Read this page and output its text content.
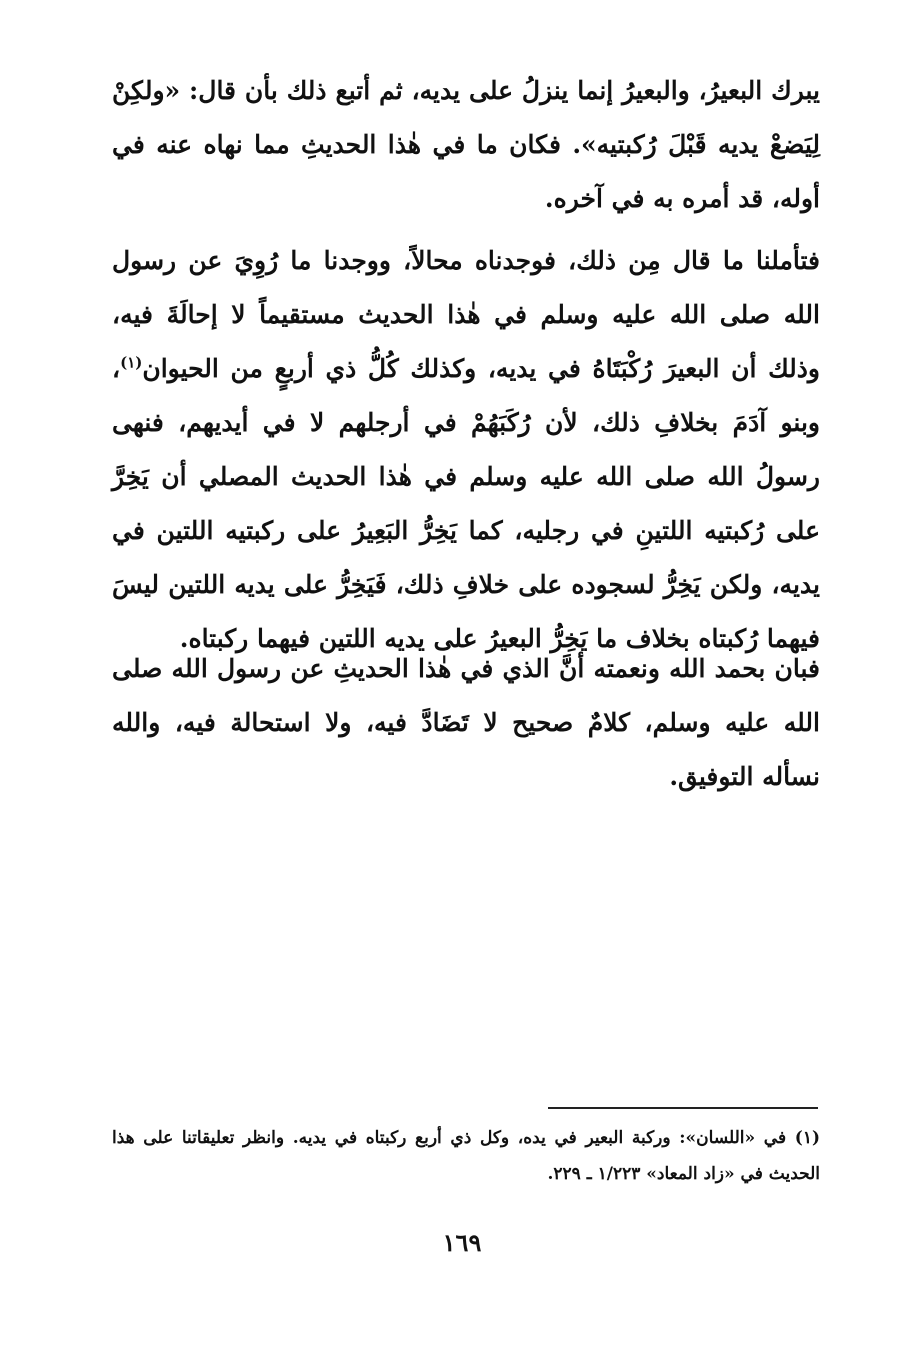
يبرك البعيرُ، والبعيرُ إنما ينزلُ على يديه، ثم أتبع ذلك بأن قال: «ولكِنْ لِيَضعْ يديه قَبْلَ رُكبتيه». فكان ما في هٰذا الحديثِ مما نهاه عنه في أوله، قد أمره به في آخره.

فتأملنا ما قال مِن ذلك، فوجدناه محالاً، ووجدنا ما رُوِيَ عن رسول الله صلى الله عليه وسلم في هٰذا الحديث مستقيماً لا إحالَةَ فيه، وذلك أن البعيرَ رُكْبَتَاهُ في يديه، وكذلك كُلُّ ذي أربعٍ من الحيوان$^{(١)}$، وبنو آدَمَ بخلافِ ذلك، لأن رُكَبَهُمْ في أرجلهم لا في أيديهم، فنهى رسولُ الله صلى الله عليه وسلم في هٰذا الحديث المصلي أن يَخِرَّ على رُكبتيه اللتينِ في رجليه، كما يَخِرُّ البَعِيرُ على ركبتيه اللتين في يديه، ولكن يَخِرُّ لسجوده على خلافِ ذلك، فَيَخِرُّ على يديه اللتين ليسَ فيهما رُكبتاه بخلاف ما يَخِرُّ البعيرُ على يديه اللتين فيهما ركبتاه.

فبان بحمد الله ونعمته أنَّ الذي في هٰذا الحديثِ عن رسول الله صلى الله عليه وسلم، كلامٌ صحيح لا تَضَادَّ فيه، ولا استحالة فيه، والله نسأله التوفيق.

(١) في «اللسان»: وركبة البعير في يده، وكل ذي أربع ركبتاه في يديه. وانظر تعليقاتنا على هذا الحديث في «زاد المعاد» ١/٢٢٣ ـ ٢٢٩.

١٦٩
